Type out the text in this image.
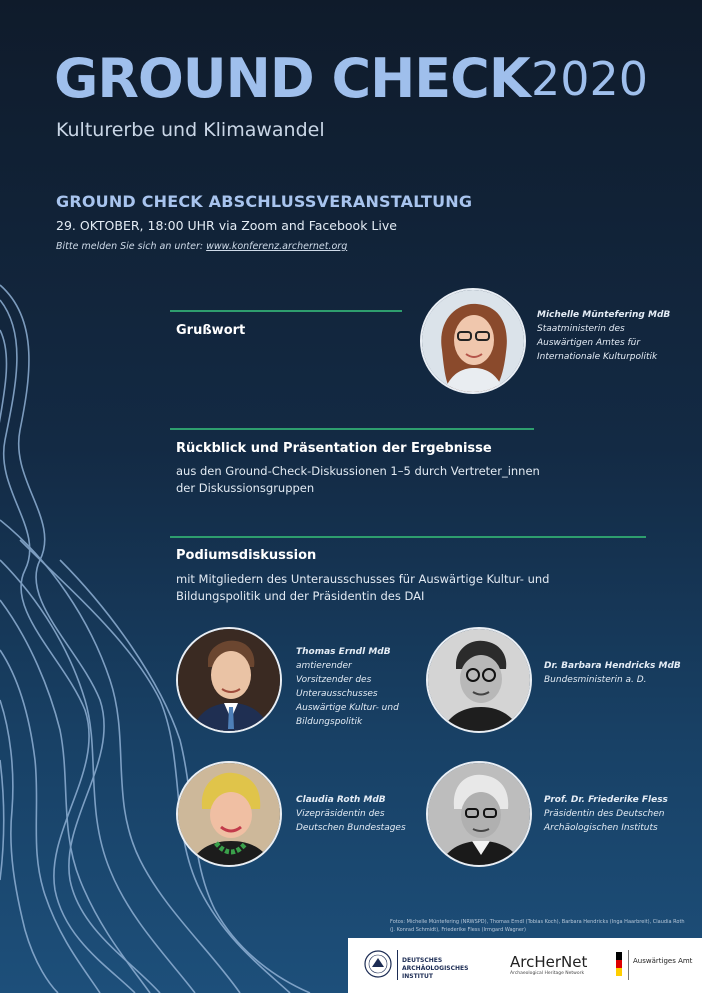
GROUND CHECK 2020
Kulturerbe und Klimawandel
GROUND CHECK ABSCHLUSSVERANSTALTUNG
29. OKTOBER, 18:00 UHR via Zoom and Facebook Live
Bitte melden Sie sich an unter: www.konferenz.archernet.org
Grußwort
Michelle Müntefering MdB
Staatministerin des Auswärtigen Amtes für Internationale Kulturpolitik
Rückblick und Präsentation der Ergebnisse
aus den Ground-Check-Diskussionen 1–5 durch Vertreter_innen der Diskussionsgruppen
Podiumsdiskussion
mit Mitgliedern des Unterausschusses für Auswärtige Kultur- und Bildungspolitik und der Präsidentin des DAI
Thomas Erndl MdB
amtierender Vorsitzender des Unterausschusses Auswärtige Kultur- und Bildungspolitik
Dr. Barbara Hendricks MdB
Bundesministerin a. D.
Claudia Roth MdB
Vizepräsidentin des Deutschen Bundestages
Prof. Dr. Friederike Fless
Präsidentin des Deutschen Archäologischen Instituts
Fotos: Michelle Müntefering (NRWSPD), Thomas Erndl (Tobias Koch), Barbara Hendricks (Inga Haarbreit), Claudia Roth (J. Konrad Schmidt), Friederike Fless (Irmgard Wagner)
DEUTSCHES ARCHÄOLOGISCHES INSTITUT
ArcHerNet
Archaeological Heritage Network
Auswärtiges Amt
